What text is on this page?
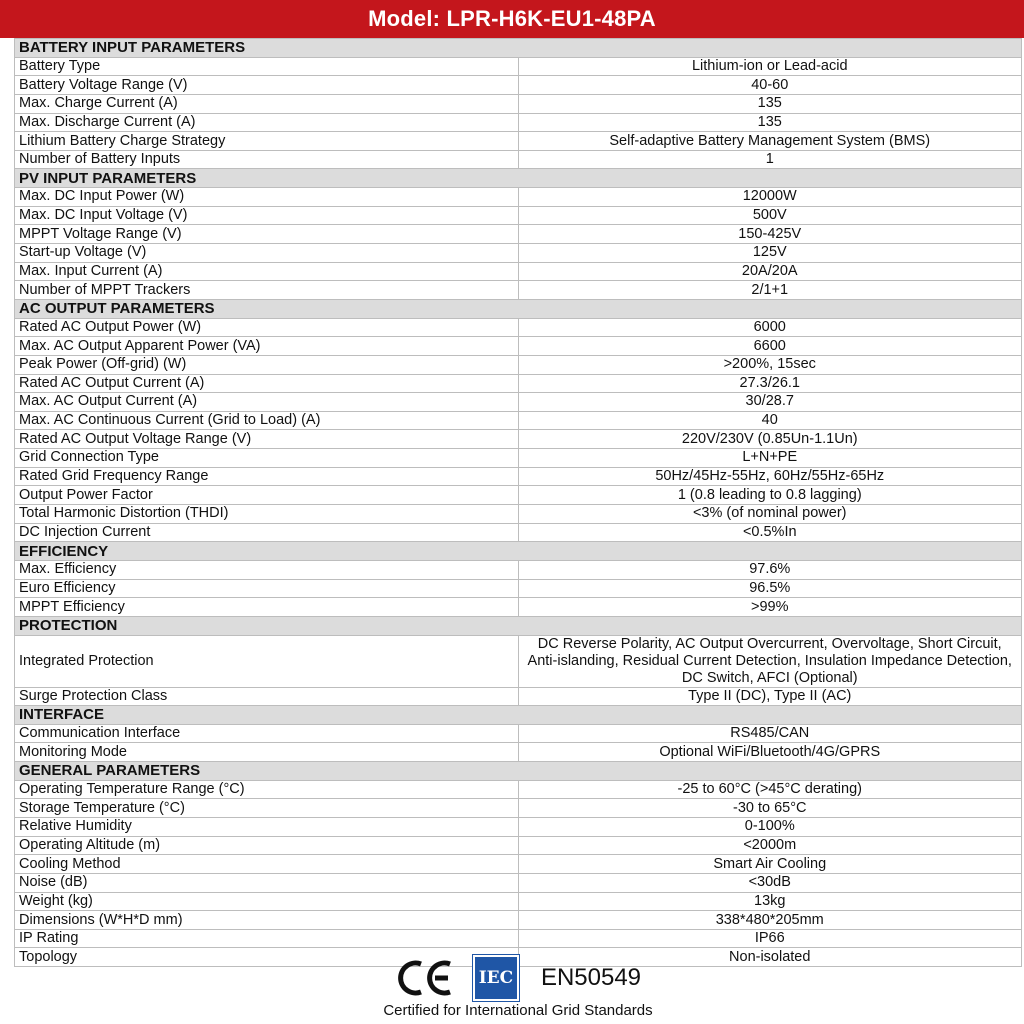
Model: LPR-H6K-EU1-48PA
BATTERY INPUT PARAMETERS	
Battery Type	Lithium-ion or Lead-acid
Battery Voltage Range (V)	40-60
Max. Charge Current (A)	135
Max. Discharge Current (A)	135
Lithium Battery Charge Strategy	Self-adaptive Battery Management System (BMS)
Number of Battery Inputs	1
PV INPUT PARAMETERS	
Max. DC Input Power (W)	12000W
Max. DC Input Voltage (V)	500V
MPPT Voltage Range (V)	150-425V
Start-up Voltage (V)	125V
Max. Input Current (A)	20A/20A
Number of MPPT Trackers	2/1+1
AC OUTPUT PARAMETERS	
Rated AC Output Power (W)	6000
Max. AC Output Apparent Power (VA)	6600
Peak Power (Off-grid) (W)	>200%, 15sec
Rated AC Output Current (A)	27.3/26.1
Max. AC Output Current (A)	30/28.7
Max. AC Continuous Current (Grid to Load) (A)	40
Rated AC Output Voltage Range (V)	220V/230V (0.85Un-1.1Un)
Grid Connection Type	L+N+PE
Rated Grid Frequency Range	50Hz/45Hz-55Hz, 60Hz/55Hz-65Hz
Output Power Factor	1 (0.8 leading to 0.8 lagging)
Total Harmonic Distortion (THDI)	<3% (of nominal power)
DC Injection Current	<0.5%In
EFFICIENCY	
Max. Efficiency	97.6%
Euro Efficiency	96.5%
MPPT Efficiency	>99%
PROTECTION	
Integrated Protection	DC Reverse Polarity, AC Output Overcurrent, Overvoltage, Short Circuit, Anti-islanding, Residual Current Detection, Insulation Impedance Detection, DC Switch, AFCI (Optional)
Surge Protection Class	Type II (DC), Type II (AC)
INTERFACE	
Communication Interface	RS485/CAN
Monitoring Mode	Optional WiFi/Bluetooth/4G/GPRS
GENERAL PARAMETERS	
Operating Temperature Range (°C)	-25 to 60°C (>45°C derating)
Storage Temperature (°C)	-30 to 65°C
Relative Humidity	0-100%
Operating Altitude (m)	<2000m
Cooling Method	Smart Air Cooling
Noise (dB)	<30dB
Weight (kg)	13kg
Dimensions (W*H*D mm)	338*480*205mm
IP Rating	IP66
Topology	Non-isolated
IEC EN50549
Certified for International Grid Standards
